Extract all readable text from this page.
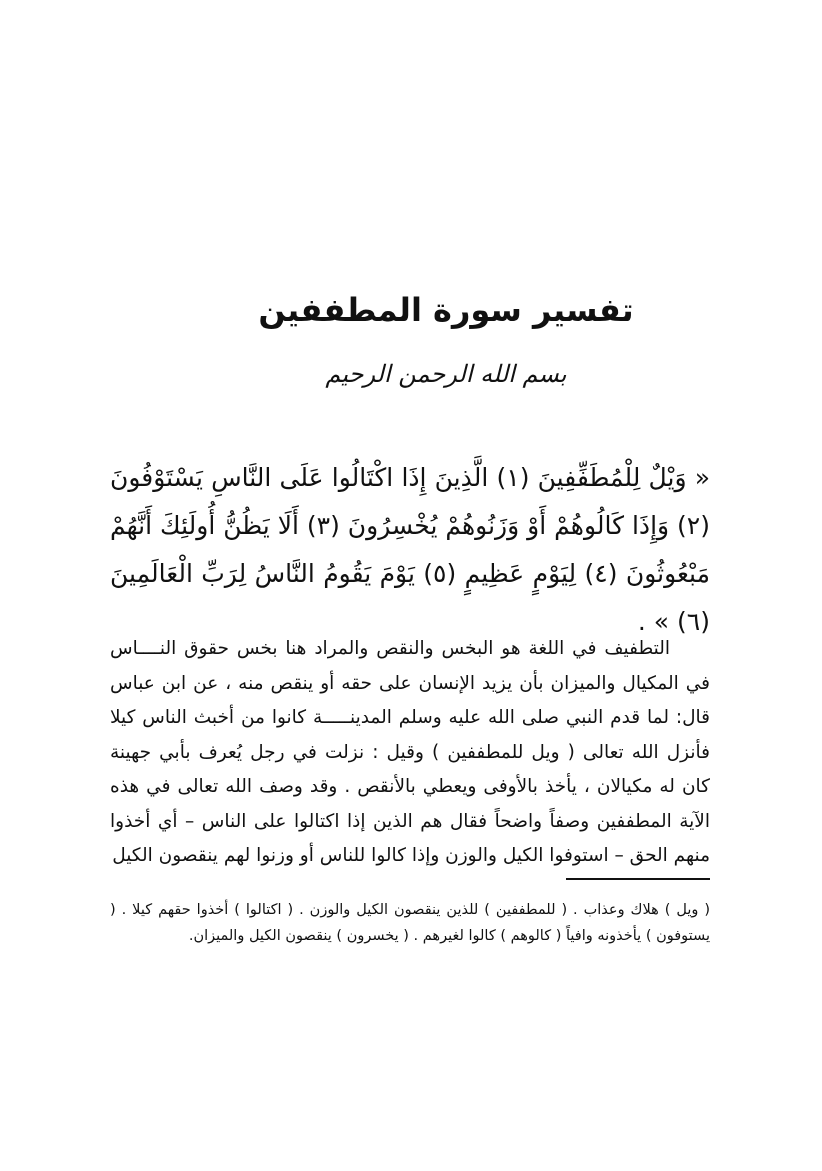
تفسير سورة المطففين
بسم الله الرحمن الرحيم
« وَيْلٌ لِلْمُطَفِّفِينَ (١) الَّذِينَ إِذَا اكْتَالُوا عَلَى النَّاسِ يَسْتَوْفُونَ (٢) وَإِذَا كَالُوهُمْ أَوْ وَزَنُوهُمْ يُخْسِرُونَ (٣) أَلَا يَظُنُّ أُولَئِكَ أَنَّهُمْ مَبْعُوثُونَ (٤) لِيَوْمٍ عَظِيمٍ (٥) يَوْمَ يَقُومُ النَّاسُ لِرَبِّ الْعَالَمِينَ (٦) » .
التطفيف في اللغة هو البخس والنقص والمراد هنا بخس حقوق النــــاس في المكيال والميزان بأن يزيد الإنسان على حقه أو ينقص منه ، عن ابن عباس قال: لما قدم النبي صلى الله عليه وسلم المدينـــــة كانوا من أخبث الناس كيلا فأنزل الله تعالى ( ويل للمطففين ) وقيل : نزلت في رجل يُعرف بأبي جهينة كان له مكيالان ، يأخذ بالأوفى ويعطي بالأنقص . وقد وصف الله تعالى في هذه الآية المطففين وصفاً واضحاً فقال هم الذين إذا اكتالوا على الناس – أي أخذوا منهم الحق – استوفوا الكيل والوزن وإذا كالوا للناس أو وزنوا لهم ينقصون الكيل
( ويل ) هلاك وعذاب . ( للمطففين ) للذين ينقصون الكيل والوزن . ( اكتالوا ) أخذوا حقهم كيلا . ( يستوفون ) يأخذونه وافياً ( كالوهم ) كالوا لغيرهم . ( يخسرون ) ينقصون الكيل والميزان.
